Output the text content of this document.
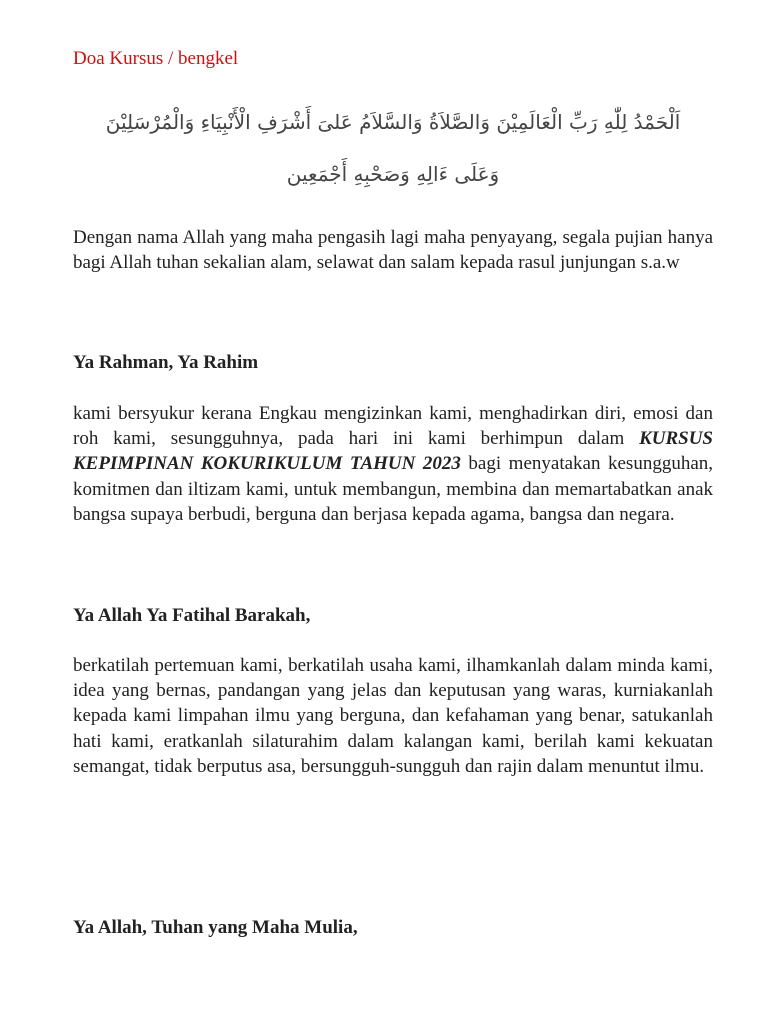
Doa Kursus / bengkel
اَلْحَمْدُ لِلّٰهِ رَبِّ الْعَالَمِيْنَ وَالصَّلاَةُ وَالسَّلاَمُ عَلىَ أَشْرَفِ الْأَنْبِيَاءِ وَالْمُرْسَلِيْنَ
وَعَلَى ءَالِهِ وَصَحْبِهِ أَجْمَعِين

Dengan nama Allah yang maha pengasih lagi maha penyayang, segala pujian hanya bagi Allah tuhan sekalian alam, selawat dan salam kepada rasul junjungan s.a.w

Ya Rahman, Ya Rahim

kami bersyukur kerana Engkau mengizinkan kami, menghadirkan diri, emosi dan roh kami, sesungguhnya, pada hari ini kami berhimpun dalam KURSUS KEPIMPINAN KOKURIKULUM TAHUN 2023 bagi menyatakan kesungguhan, komitmen dan iltizam kami, untuk membangun, membina dan memartabatkan anak bangsa supaya berbudi, berguna dan berjasa kepada agama, bangsa dan negara.

Ya Allah Ya Fatihal Barakah,

berkatilah pertemuan kami, berkatilah usaha kami, ilhamkanlah dalam minda kami, idea yang bernas, pandangan yang jelas dan keputusan yang waras, kurniakanlah kepada kami limpahan ilmu yang berguna, dan kefahaman yang benar, satukanlah hati kami, eratkanlah silaturahim dalam kalangan kami, berilah kami kekuatan semangat, tidak berputus asa, bersungguh-sungguh dan rajin dalam menuntut ilmu.

Ya Allah, Tuhan yang Maha Mulia,
